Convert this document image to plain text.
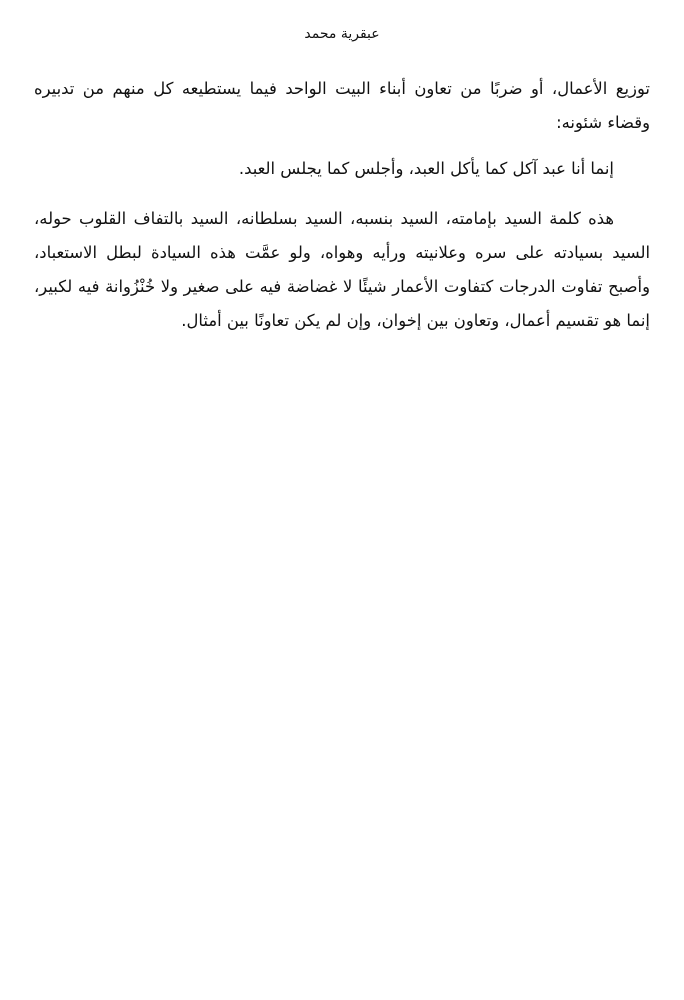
عبقرية محمد

توزيع الأعمال، أو ضربًا من تعاون أبناء البيت الواحد فيما يستطيعه كل منهم من تدبيره وقضاء شئونه:

إنما أنا عبد آكل كما يأكل العبد، وأجلس كما يجلس العبد.

هذه كلمة السيد بإمامته، السيد بنسبه، السيد بسلطانه، السيد بالتفاف القلوب حوله، السيد بسيادته على سره وعلانيته ورأيه وهواه، ولو عمَّت هذه السيادة لبطل الاستعباد، وأصبح تفاوت الدرجات كتفاوت الأعمار شيئًا لا غضاضة فيه على صغير ولا خُنْزُوانة فيه لكبير، إنما هو تقسيم أعمال، وتعاون بين إخوان، وإن لم يكن تعاونًا بين أمثال.
